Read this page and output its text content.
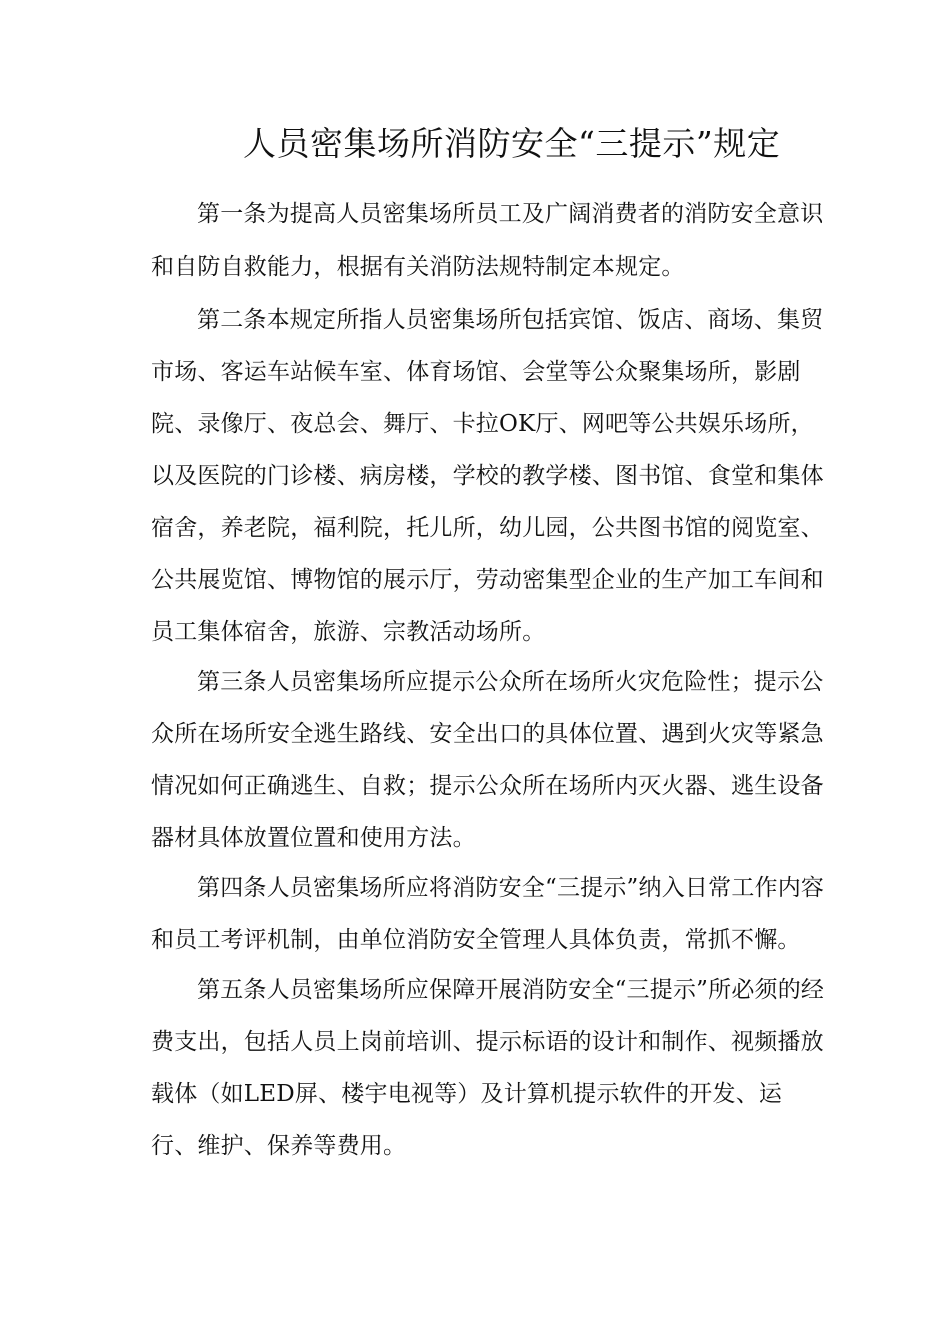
人员密集场所消防安全“三提示”规定
第一条为提高人员密集场所员工及广阔消费者的消防安全意识
和自防自救能力，根据有关消防法规特制定本规定。
第二条本规定所指人员密集场所包括宾馆、饭店、商场、集贸
市场、客运车站候车室、体育场馆、会堂等公众聚集场所，影剧
院、录像厅、夜总会、舞厅、卡拉OK厅、网吧等公共娱乐场所，
以及医院的门诊楼、病房楼，学校的教学楼、图书馆、食堂和集体
宿舍，养老院，福利院，托儿所，幼儿园，公共图书馆的阅览室、
公共展览馆、博物馆的展示厅，劳动密集型企业的生产加工车间和
员工集体宿舍，旅游、宗教活动场所。
第三条人员密集场所应提示公众所在场所火灾危险性；提示公
众所在场所安全逃生路线、安全出口的具体位置、遇到火灾等紧急
情况如何正确逃生、自救；提示公众所在场所内灭火器、逃生设备
器材具体放置位置和使用方法。
第四条人员密集场所应将消防安全“三提示”纳入日常工作内容
和员工考评机制，由单位消防安全管理人具体负责，常抓不懈。
第五条人员密集场所应保障开展消防安全“三提示”所必须的经
费支出，包括人员上岗前培训、提示标语的设计和制作、视频播放
载体（如LED屏、楼宇电视等）及计算机提示软件的开发、运
行、维护、保养等费用。
